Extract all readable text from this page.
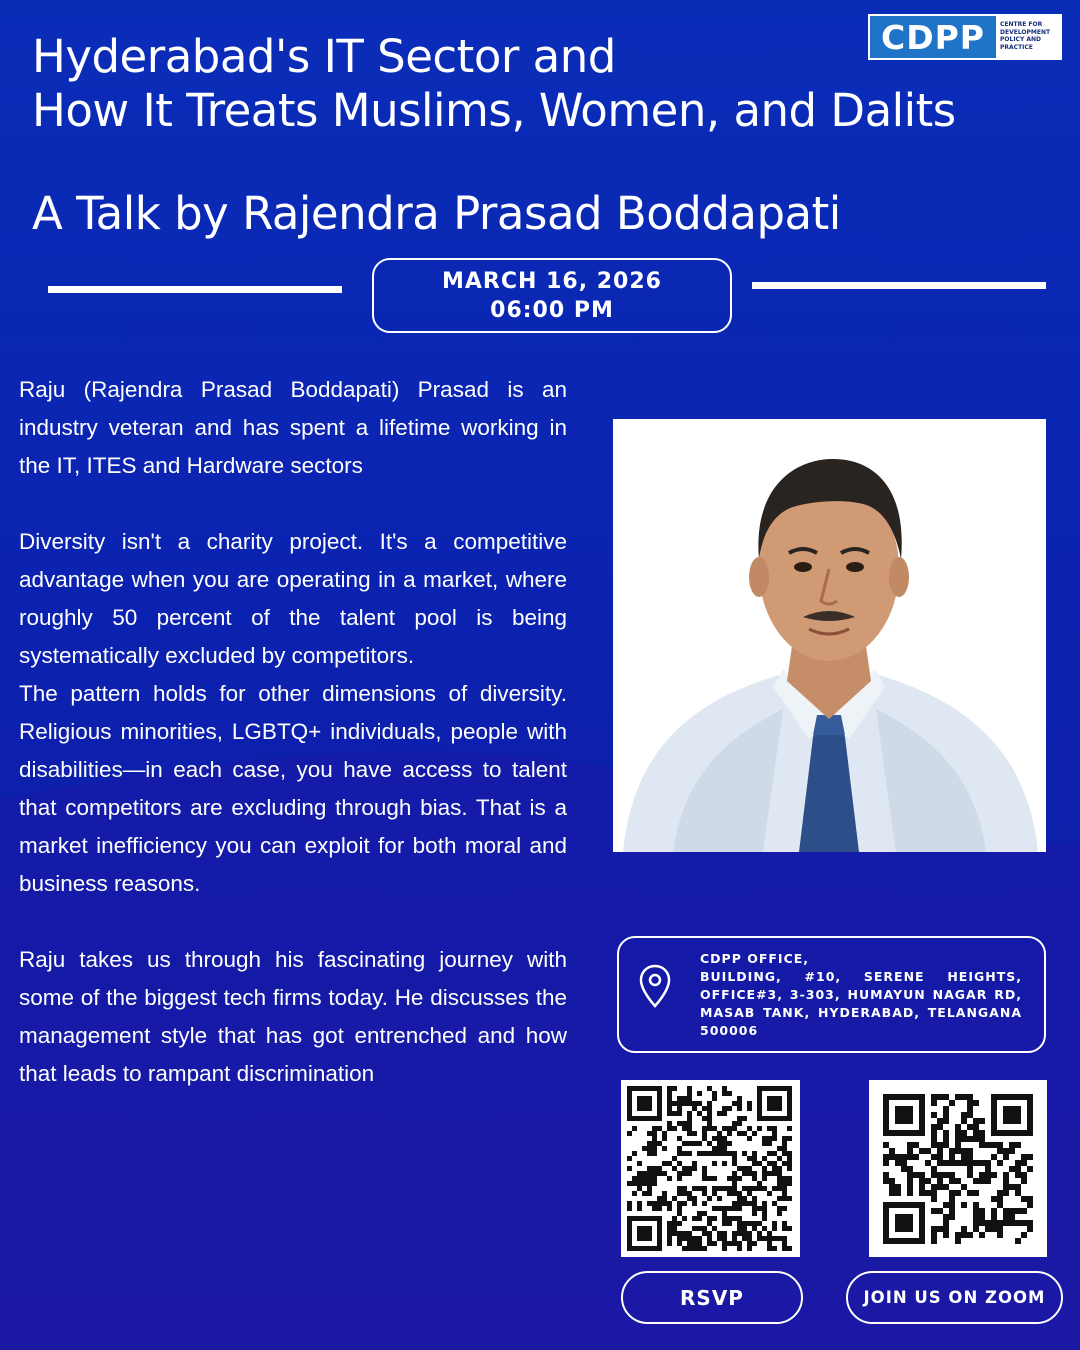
CDPP	CENTRE FOR
DEVELOPMENT
POLICY AND
PRACTICE
Hyderabad's IT Sector and
How It Treats Muslims, Women, and Dalits
A Talk by Rajendra Prasad Boddapati
MARCH 16, 2026
06:00 PM

Raju (Rajendra Prasad Boddapati) Prasad is an industry veteran and has spent a lifetime working in the IT, ITES and Hardware sectors

Diversity isn't a charity project. It's a competitive advantage when you are operating in a market, where roughly 50 percent of the talent pool is being systematically excluded by competitors.

The pattern holds for other dimensions of diversity. Religious minorities, LGBTQ+ individuals, people with disabilities—in each case, you have access to talent that competitors are excluding through bias. That is a market inefficiency you can exploit for both moral and business reasons.

Raju takes us through his fascinating journey with some of the biggest tech firms today. He discusses the management style that has got entrenched and how that leads to rampant discrimination

CDPP OFFICE,
BUILDING, #10, SERENE HEIGHTS, OFFICE#3, 3-303, HUMAYUN NAGAR RD, MASAB TANK, HYDERABAD, TELANGANA 500006
RSVP	JOIN US ON ZOOM
